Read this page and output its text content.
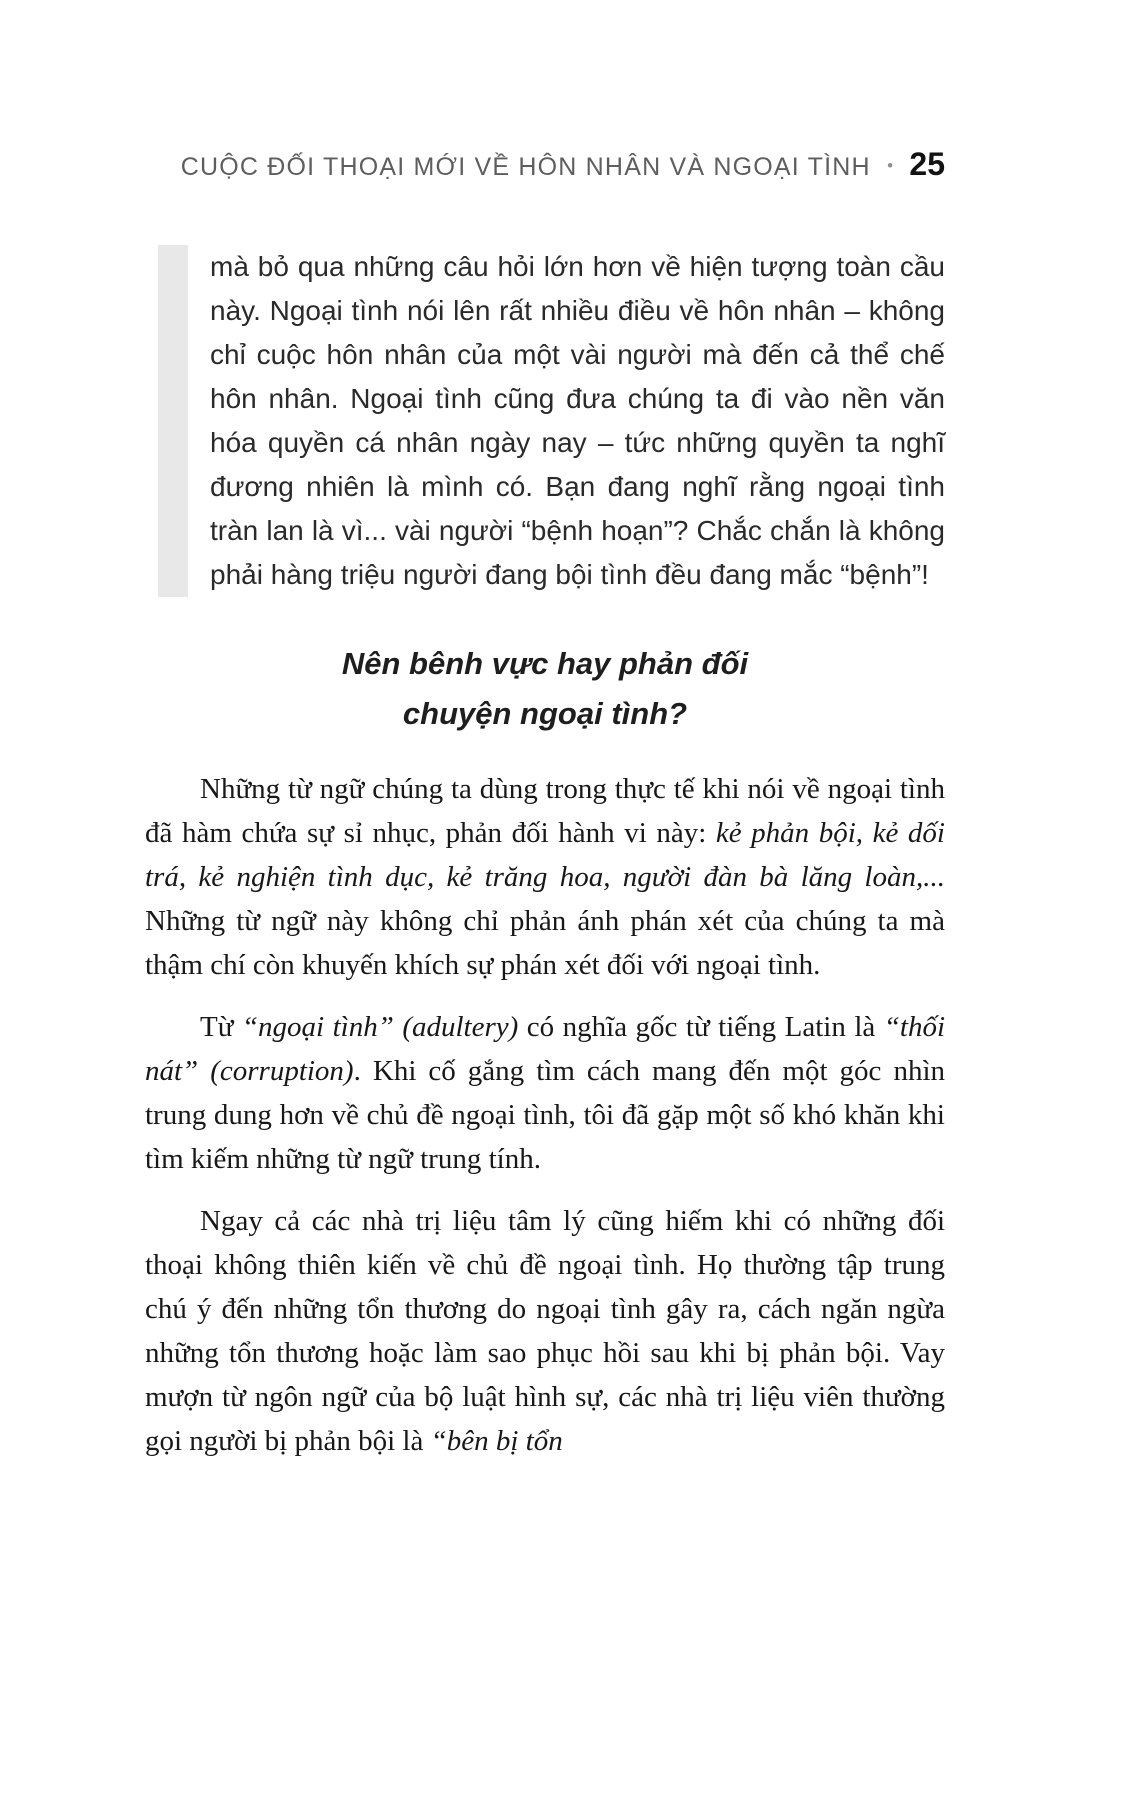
CUỘC ĐỐI THOẠI MỚI VỀ HÔN NHÂN VÀ NGOẠI TÌNH • 25
mà bỏ qua những câu hỏi lớn hơn về hiện tượng toàn cầu này. Ngoại tình nói lên rất nhiều điều về hôn nhân – không chỉ cuộc hôn nhân của một vài người mà đến cả thể chế hôn nhân. Ngoại tình cũng đưa chúng ta đi vào nền văn hóa quyền cá nhân ngày nay – tức những quyền ta nghĩ đương nhiên là mình có. Bạn đang nghĩ rằng ngoại tình tràn lan là vì... vài người “bệnh hoạn”? Chắc chắn là không phải hàng triệu người đang bội tình đều đang mắc “bệnh”!
Nên bênh vực hay phản đối
chuyện ngoại tình?

Những từ ngữ chúng ta dùng trong thực tế khi nói về ngoại tình đã hàm chứa sự sỉ nhục, phản đối hành vi này: kẻ phản bội, kẻ dối trá, kẻ nghiện tình dục, kẻ trăng hoa, người đàn bà lăng loàn,... Những từ ngữ này không chỉ phản ánh phán xét của chúng ta mà thậm chí còn khuyến khích sự phán xét đối với ngoại tình.

Từ “ngoại tình” (adultery) có nghĩa gốc từ tiếng Latin là “thối nát” (corruption). Khi cố gắng tìm cách mang đến một góc nhìn trung dung hơn về chủ đề ngoại tình, tôi đã gặp một số khó khăn khi tìm kiếm những từ ngữ trung tính.

Ngay cả các nhà trị liệu tâm lý cũng hiếm khi có những đối thoại không thiên kiến về chủ đề ngoại tình. Họ thường tập trung chú ý đến những tổn thương do ngoại tình gây ra, cách ngăn ngừa những tổn thương hoặc làm sao phục hồi sau khi bị phản bội. Vay mượn từ ngôn ngữ của bộ luật hình sự, các nhà trị liệu viên thường gọi người bị phản bội là “bên bị tổn
